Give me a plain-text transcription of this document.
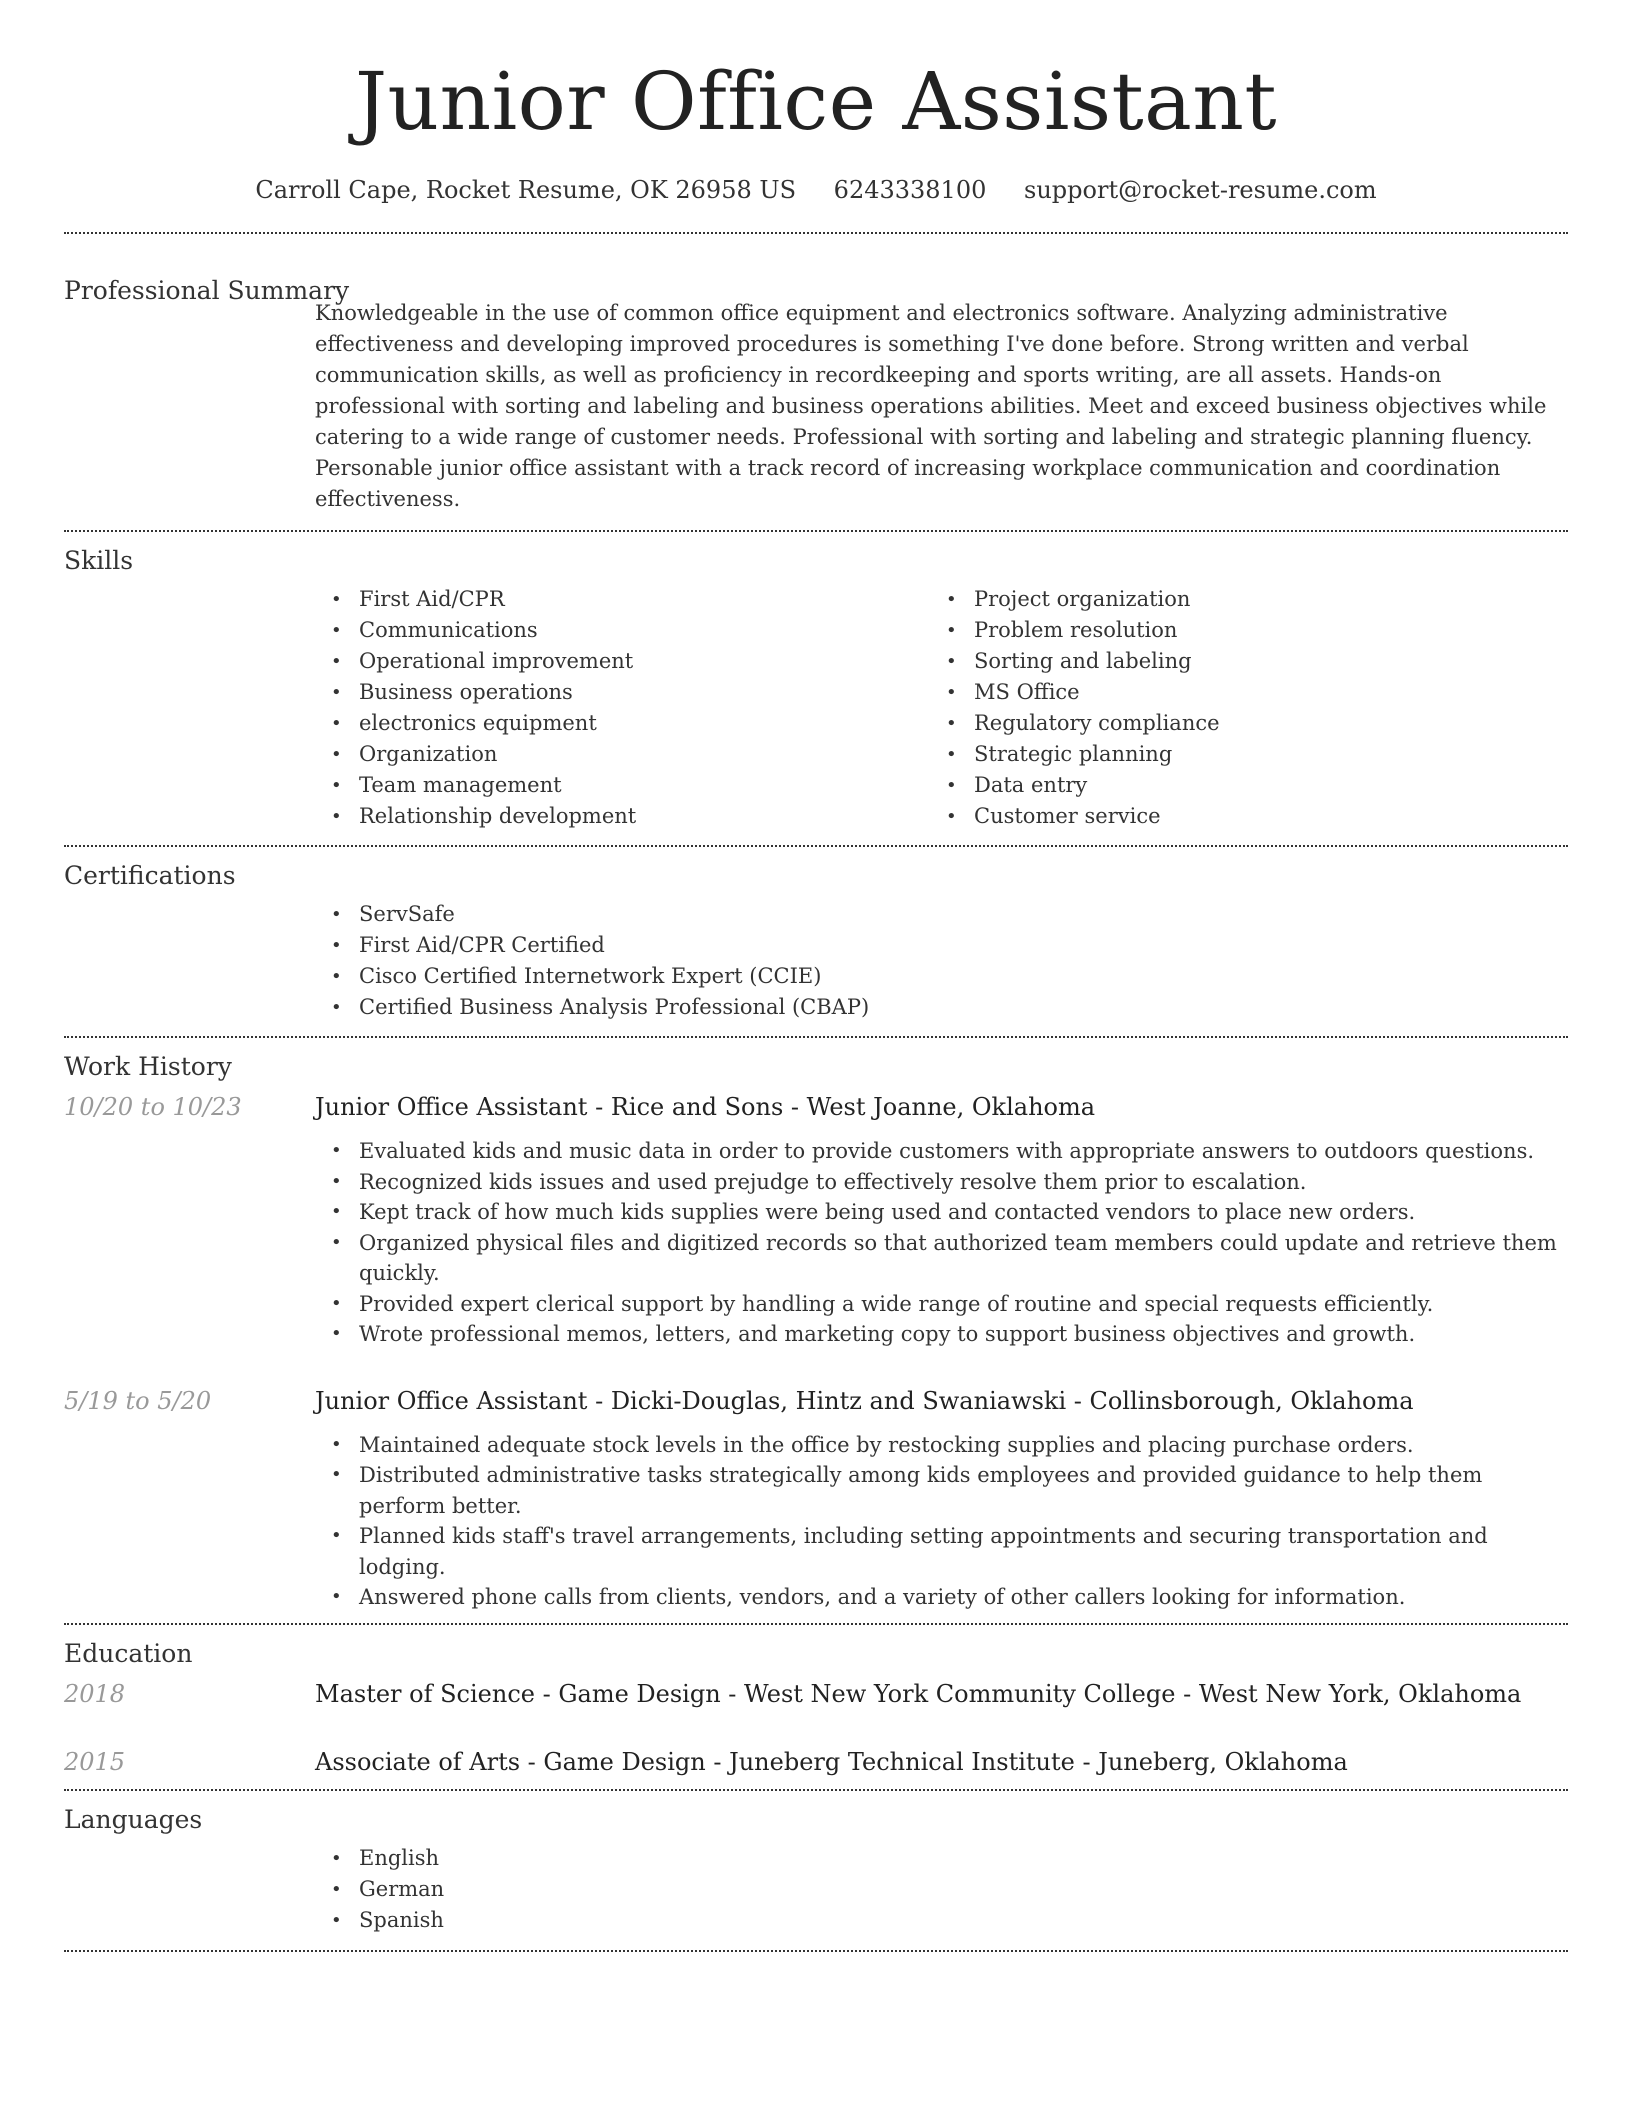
Junior Office Assistant
Carroll Cape, Rocket Resume, OK 26958 US 6243338100 support@rocket-resume.com
Professional Summary

Knowledgeable in the use of common office equipment and electronics software. Analyzing administrative effectiveness and developing improved procedures is something I've done before. Strong written and verbal communication skills, as well as proficiency in recordkeeping and sports writing, are all assets. Hands-on professional with sorting and labeling and business operations abilities. Meet and exceed business objectives while catering to a wide range of customer needs. Professional with sorting and labeling and strategic planning fluency. Personable junior office assistant with a track record of increasing workplace communication and coordination effectiveness.

Skills
• First Aid/CPR
• Communications
• Operational improvement
• Business operations
• electronics equipment
• Organization
• Team management
• Relationship development
• Project organization
• Problem resolution
• Sorting and labeling
• MS Office
• Regulatory compliance
• Strategic planning
• Data entry
• Customer service
Certifications
• ServSafe
• First Aid/CPR Certified
• Cisco Certified Internetwork Expert (CCIE)
• Certified Business Analysis Professional (CBAP)
Work History
10/20 to 10/23	Junior Office Assistant - Rice and Sons - West Joanne, Oklahoma
• Evaluated kids and music data in order to provide customers with appropriate answers to outdoors questions.
• Recognized kids issues and used prejudge to effectively resolve them prior to escalation.
• Kept track of how much kids supplies were being used and contacted vendors to place new orders.
• Organized physical files and digitized records so that authorized team members could update and retrieve them quickly.
• Provided expert clerical support by handling a wide range of routine and special requests efficiently.
• Wrote professional memos, letters, and marketing copy to support business objectives and growth.
5/19 to 5/20	Junior Office Assistant - Dicki-Douglas, Hintz and Swaniawski - Collinsborough, Oklahoma
• Maintained adequate stock levels in the office by restocking supplies and placing purchase orders.
• Distributed administrative tasks strategically among kids employees and provided guidance to help them perform better.
• Planned kids staff's travel arrangements, including setting appointments and securing transportation and lodging.
• Answered phone calls from clients, vendors, and a variety of other callers looking for information.
Education
2018	Master of Science - Game Design - West New York Community College - West New York, Oklahoma
2015	Associate of Arts - Game Design - Juneberg Technical Institute - Juneberg, Oklahoma
Languages
• English
• German
• Spanish
